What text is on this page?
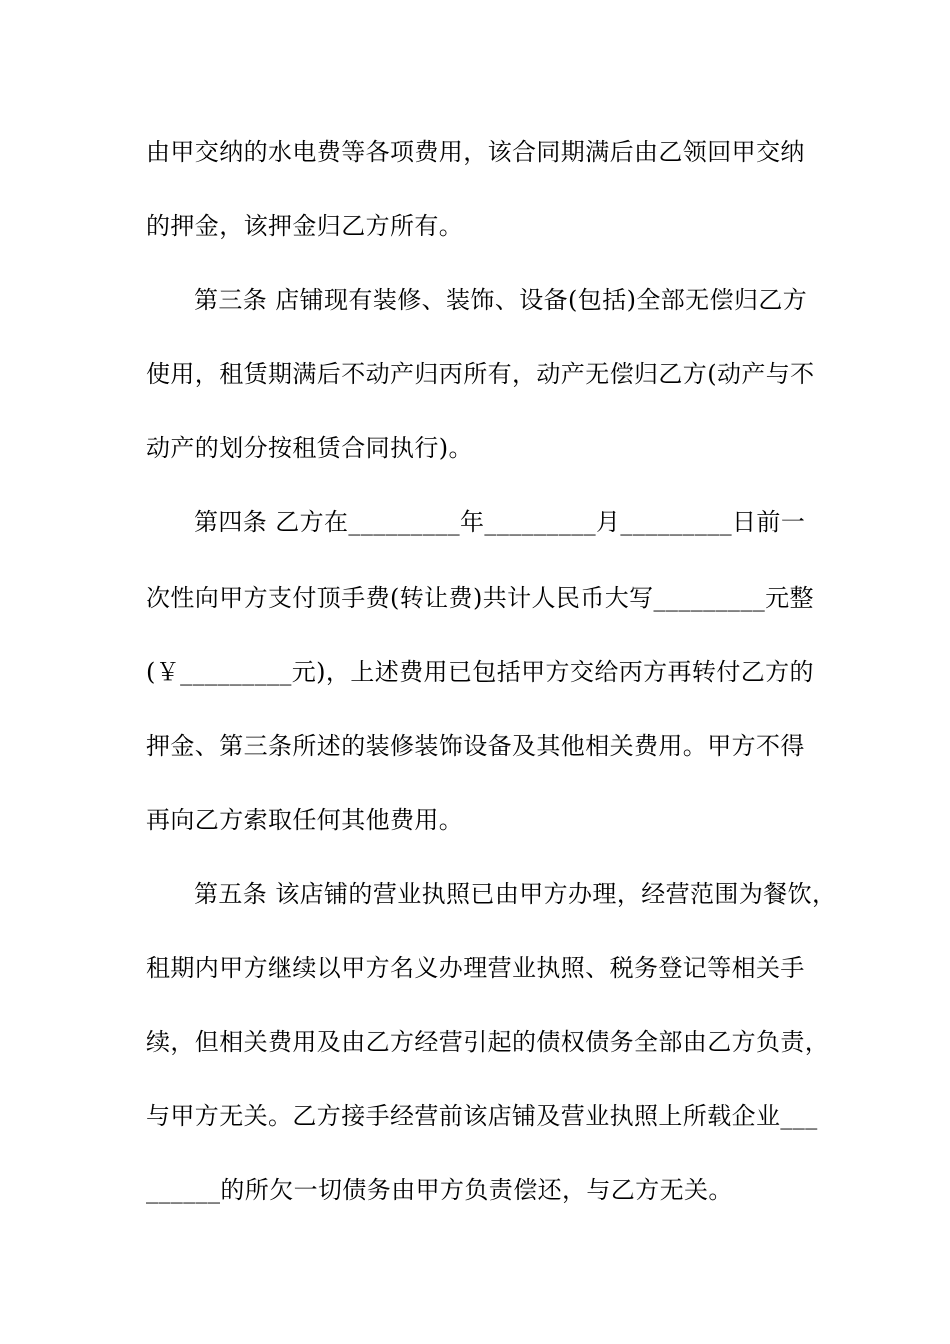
由甲交纳的水电费等各项费用，该合同期满后由乙领回甲交纳
的押金，该押金归乙方所有。
第三条 店铺现有装修、装饰、设备(包括)全部无偿归乙方
使用，租赁期满后不动产归丙所有，动产无偿归乙方(动产与不
动产的划分按租赁合同执行)。
第四条 乙方在_________年_________月_________日前一
次性向甲方支付顶手费(转让费)共计人民币大写_________元整
(￥_________元)，上述费用已包括甲方交给丙方再转付乙方的
押金、第三条所述的装修装饰设备及其他相关费用。甲方不得
再向乙方索取任何其他费用。
第五条 该店铺的营业执照已由甲方办理，经营范围为餐饮，
租期内甲方继续以甲方名义办理营业执照、税务登记等相关手
续，但相关费用及由乙方经营引起的债权债务全部由乙方负责，
与甲方无关。乙方接手经营前该店铺及营业执照上所载企业___
______的所欠一切债务由甲方负责偿还，与乙方无关。
